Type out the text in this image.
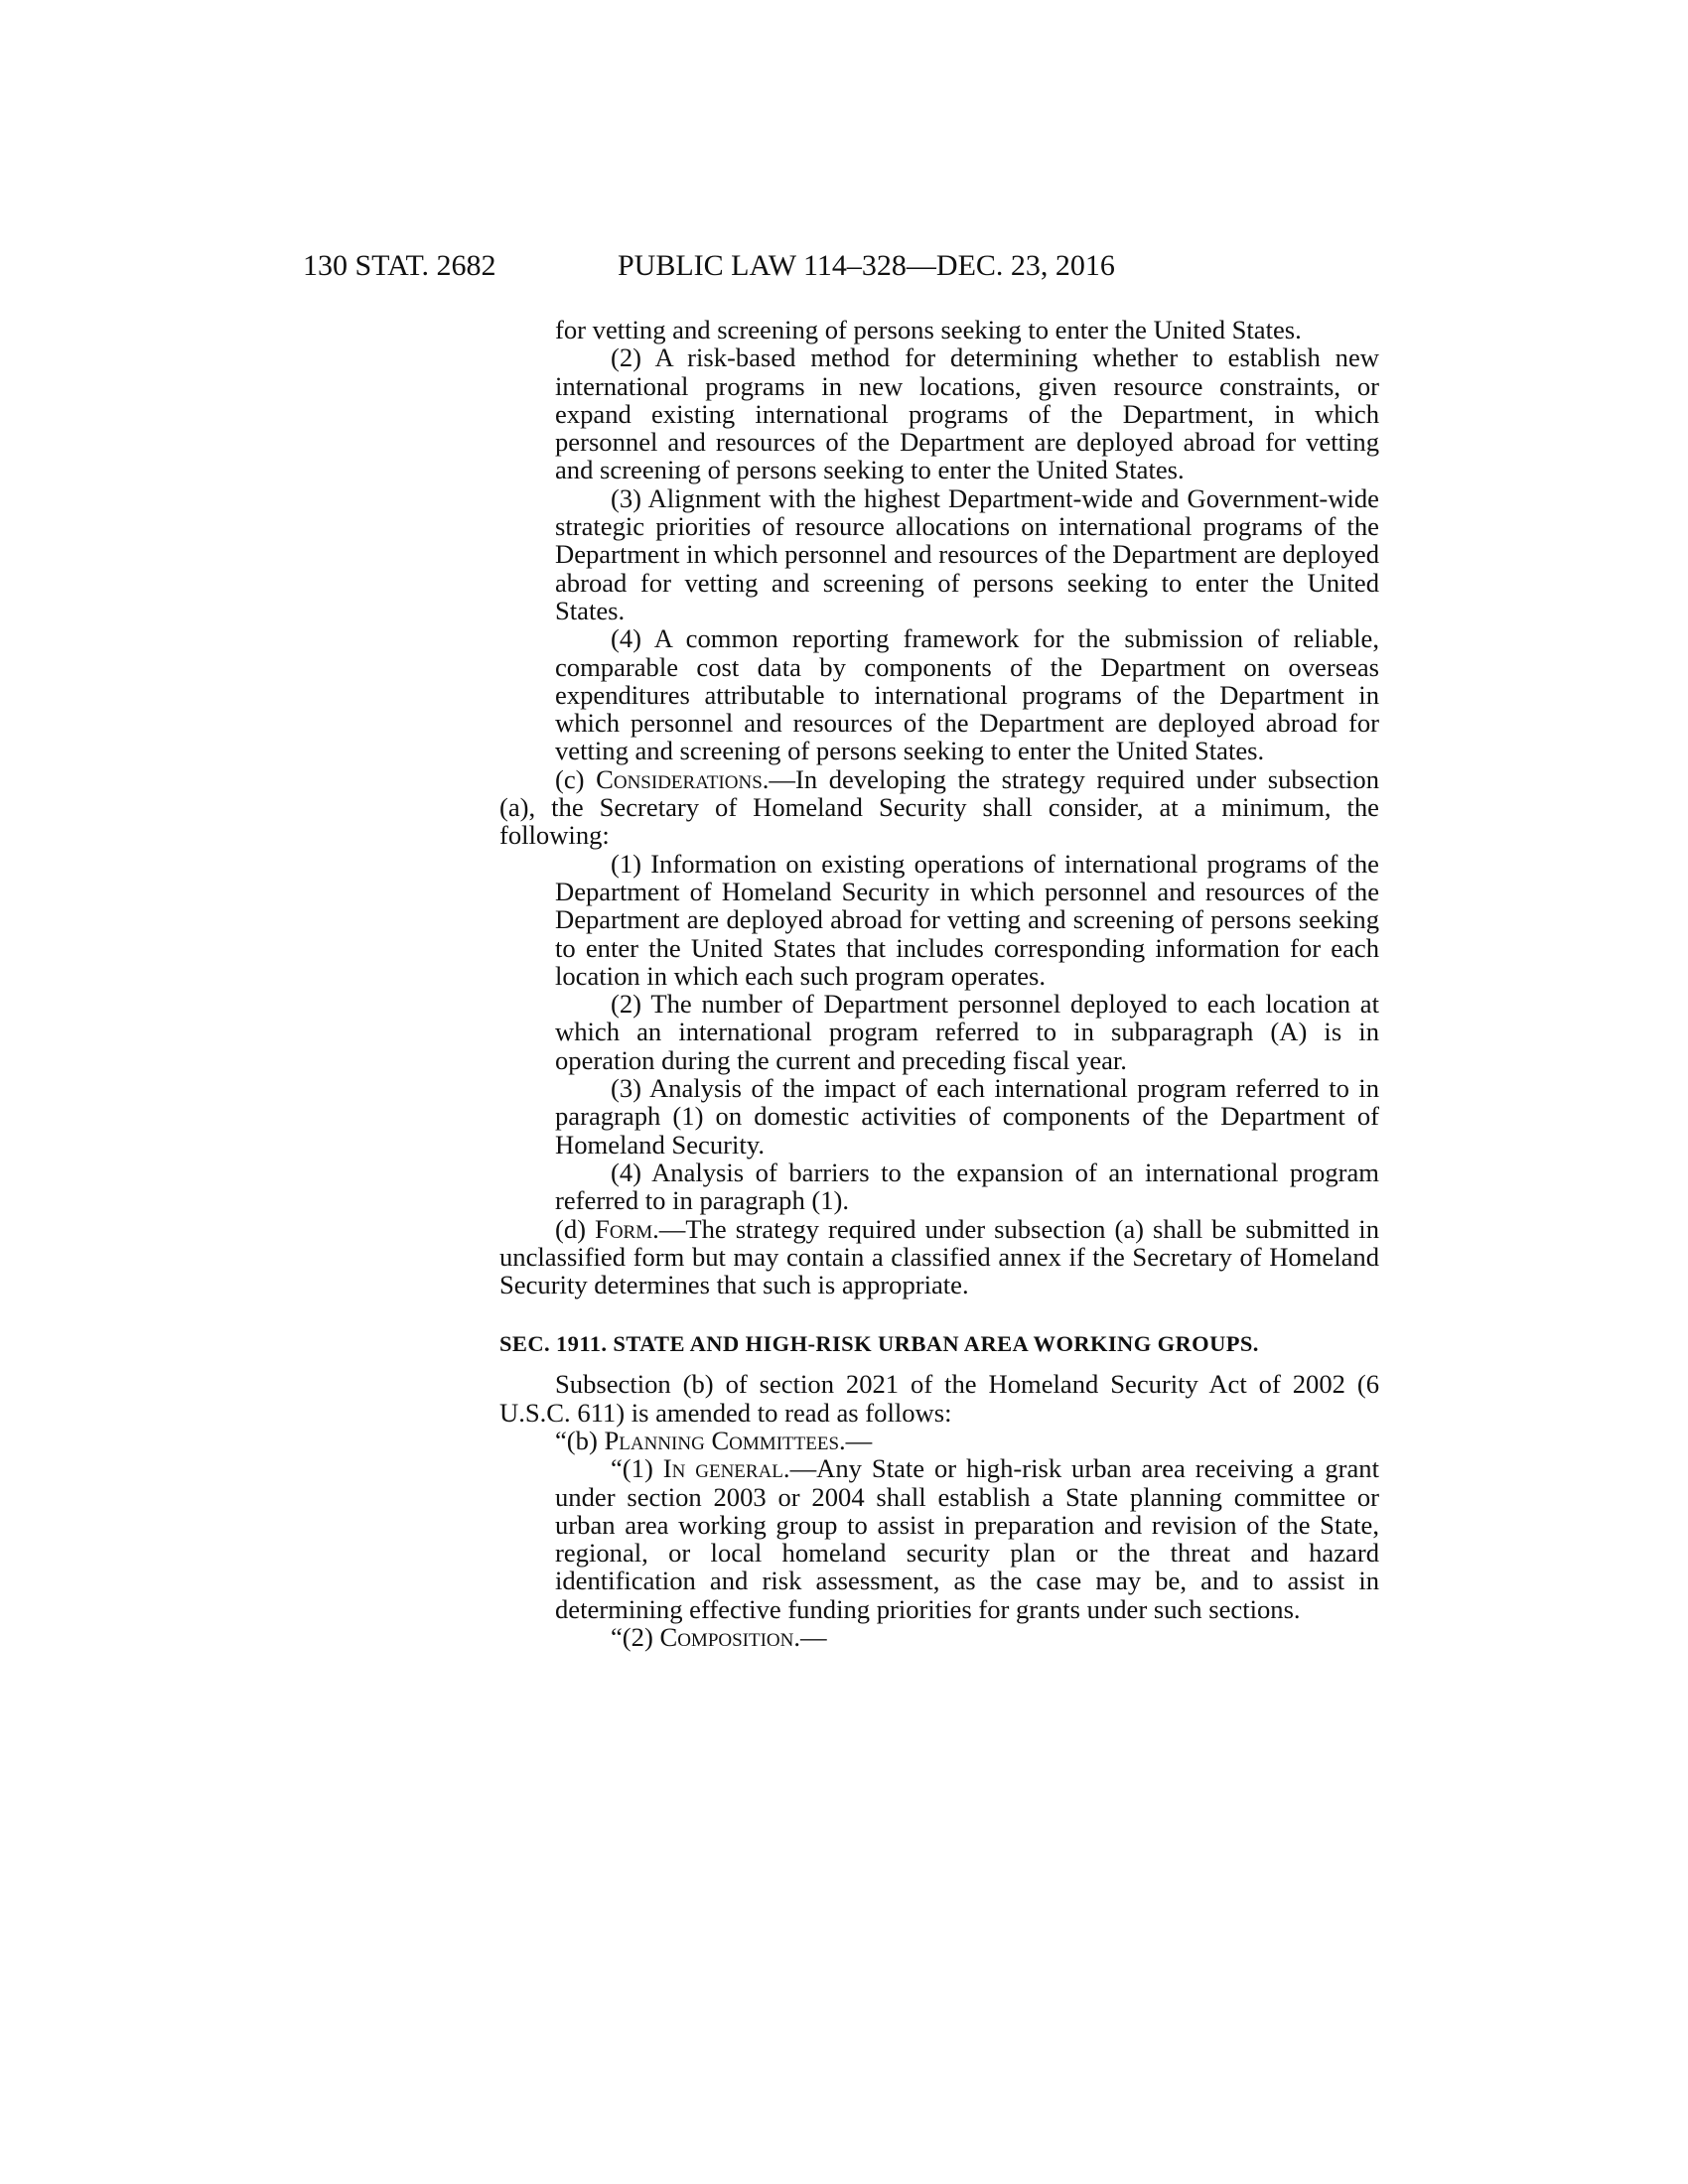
130 STAT. 2682	PUBLIC LAW 114–328—DEC. 23, 2016

for vetting and screening of persons seeking to enter the United States.

(2) A risk-based method for determining whether to establish new international programs in new locations, given resource constraints, or expand existing international programs of the Department, in which personnel and resources of the Department are deployed abroad for vetting and screening of persons seeking to enter the United States.

(3) Alignment with the highest Department-wide and Government-wide strategic priorities of resource allocations on international programs of the Department in which personnel and resources of the Department are deployed abroad for vetting and screening of persons seeking to enter the United States.

(4) A common reporting framework for the submission of reliable, comparable cost data by components of the Department on overseas expenditures attributable to international programs of the Department in which personnel and resources of the Department are deployed abroad for vetting and screening of persons seeking to enter the United States.

(c) Considerations.—In developing the strategy required under subsection (a), the Secretary of Homeland Security shall consider, at a minimum, the following:

(1) Information on existing operations of international programs of the Department of Homeland Security in which personnel and resources of the Department are deployed abroad for vetting and screening of persons seeking to enter the United States that includes corresponding information for each location in which each such program operates.

(2) The number of Department personnel deployed to each location at which an international program referred to in subparagraph (A) is in operation during the current and preceding fiscal year.

(3) Analysis of the impact of each international program referred to in paragraph (1) on domestic activities of components of the Department of Homeland Security.

(4) Analysis of barriers to the expansion of an international program referred to in paragraph (1).

(d) Form.—The strategy required under subsection (a) shall be submitted in unclassified form but may contain a classified annex if the Secretary of Homeland Security determines that such is appropriate.

SEC. 1911. STATE AND HIGH-RISK URBAN AREA WORKING GROUPS.

Subsection (b) of section 2021 of the Homeland Security Act of 2002 (6 U.S.C. 611) is amended to read as follows:

“(b) Planning Committees.—

“(1) In general.—Any State or high-risk urban area receiving a grant under section 2003 or 2004 shall establish a State planning committee or urban area working group to assist in preparation and revision of the State, regional, or local homeland security plan or the threat and hazard identification and risk assessment, as the case may be, and to assist in determining effective funding priorities for grants under such sections.

“(2) Composition.—
